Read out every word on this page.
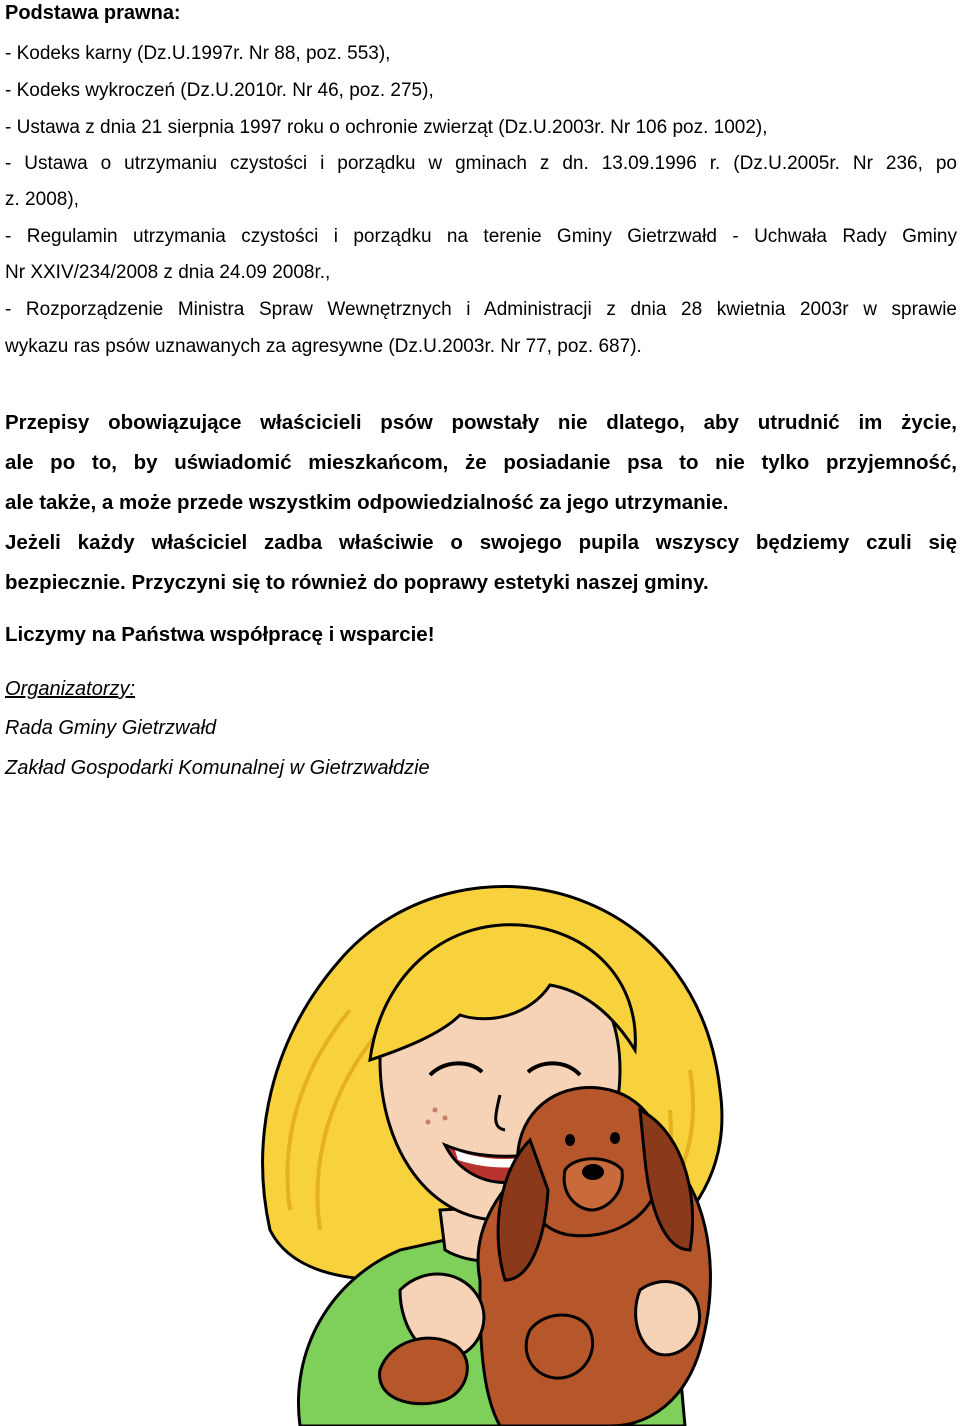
Podstawa prawna:
- Kodeks karny (Dz.U.1997r. Nr 88, poz. 553),
- Kodeks wykroczeń (Dz.U.2010r. Nr 46, poz. 275),
- Ustawa z dnia 21 sierpnia 1997 roku o ochronie zwierząt (Dz.U.2003r. Nr 106 poz. 1002),
- Ustawa o utrzymaniu czystości i porządku w gminach z dn. 13.09.1996 r. (Dz.U.2005r. Nr 236, po
z. 2008),
- Regulamin utrzymania czystości i porządku na terenie Gminy Gietrzwałd - Uchwała Rady Gminy
Nr XXIV/234/2008 z dnia 24.09 2008r.,
- Rozporządzenie Ministra Spraw Wewnętrznych i Administracji z dnia 28 kwietnia 2003r w sprawie
wykazu ras psów uznawanych za agresywne (Dz.U.2003r. Nr 77, poz. 687).
Przepisy obowiązujące właścicieli psów powstały nie dlatego, aby utrudnić im życie,
ale po to, by uświadomić mieszkańcom, że posiadanie psa to nie tylko przyjemność,
ale także, a może przede wszystkim odpowiedzialność za jego utrzymanie.
Jeżeli każdy właściciel zadba właściwie o swojego pupila wszyscy będziemy czuli się
bezpiecznie. Przyczyni się to również do poprawy estetyki naszej gminy.
Liczymy na Państwa współpracę i wsparcie!
Organizatorzy:
Rada Gminy Gietrzwałd
Zakład Gospodarki Komunalnej w Gietrzwałdzie
